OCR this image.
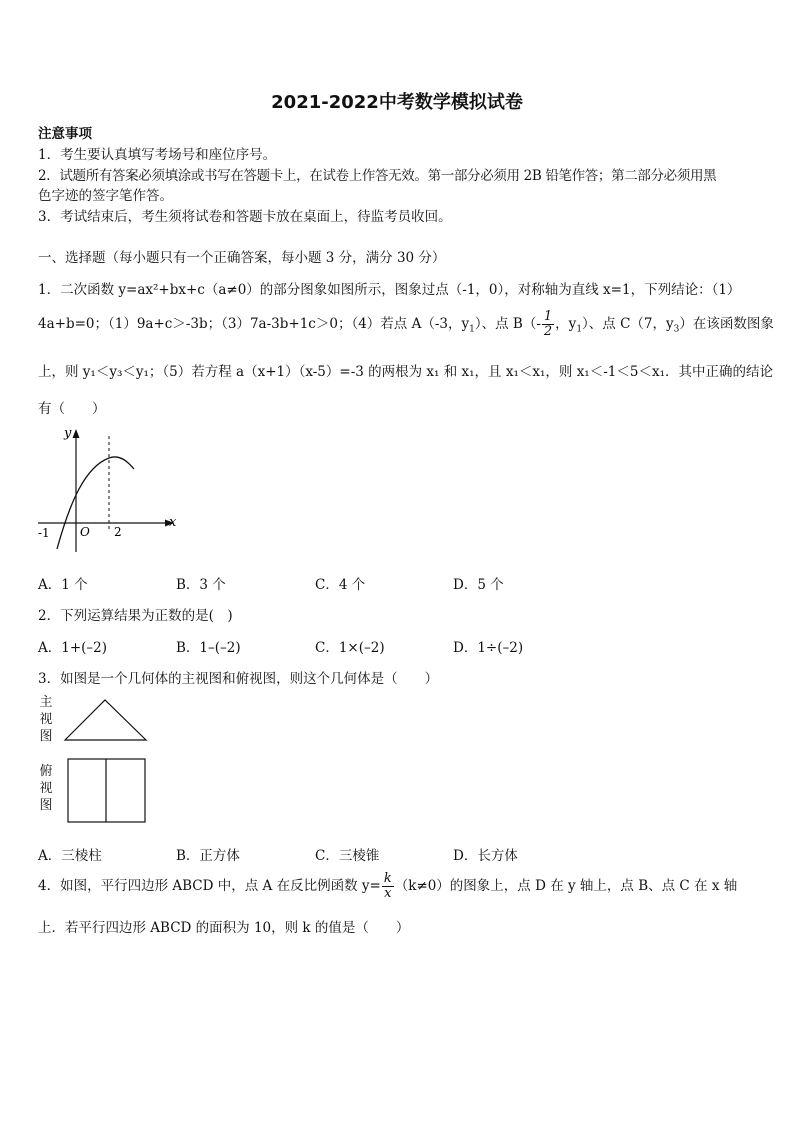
2021-2022中考数学模拟试卷
注意事项
1．考生要认真填写考场号和座位序号。
2．试题所有答案必须填涂或书写在答题卡上，在试卷上作答无效。第一部分必须用 2B 铅笔作答；第二部分必须用黑
色字迹的签字笔作答。
3．考试结束后，考生须将试卷和答题卡放在桌面上，待监考员收回。
一、选择题（每小题只有一个正确答案，每小题 3 分，满分 30 分）
1．二次函数 y=ax²+bx+c（a≠0）的部分图象如图所示，图象过点（-1，0），对称轴为直线 x=1，下列结论：（1）
4a+b=0；（1）9a+c＞-3b；（3）7a-3b+1c＞0；（4）若点 A（-3，$y_1$）、点 $B(- \frac{1}{2}$ ，$y_1$）、点 C（7，$y_3$）在该函数图象
上，则 y₁＜y₃＜y₁；（5）若方程 a（x+1）（x-5）=-3 的两根为 x₁ 和 x₁，且 x₁＜x₁，则 x₁＜-1＜5＜x₁．其中正确的结论
有（　　）
y
x
O
-1	2
A．1 个	B．3 个	C．4 个	D．5 个
2．下列运算结果为正数的是(　)
A．1+(–2)	B．1–(–2)	C．1×(–2)	D．1÷(–2)
3．如图是一个几何体的主视图和俯视图，则这个几何体是（　　）
主
视
图
俯
视
图
A．三棱柱	B．正方体	C．三棱锥	D．长方体
4．如图，平行四边形 ABCD 中，点 A 在反比例函数 $y= \frac{k}{x} (k\ne 0)$的图象上，点 D 在 y 轴上，点 B、点 C 在 x 轴
上．若平行四边形 ABCD 的面积为 10，则 k 的值是（　　）
